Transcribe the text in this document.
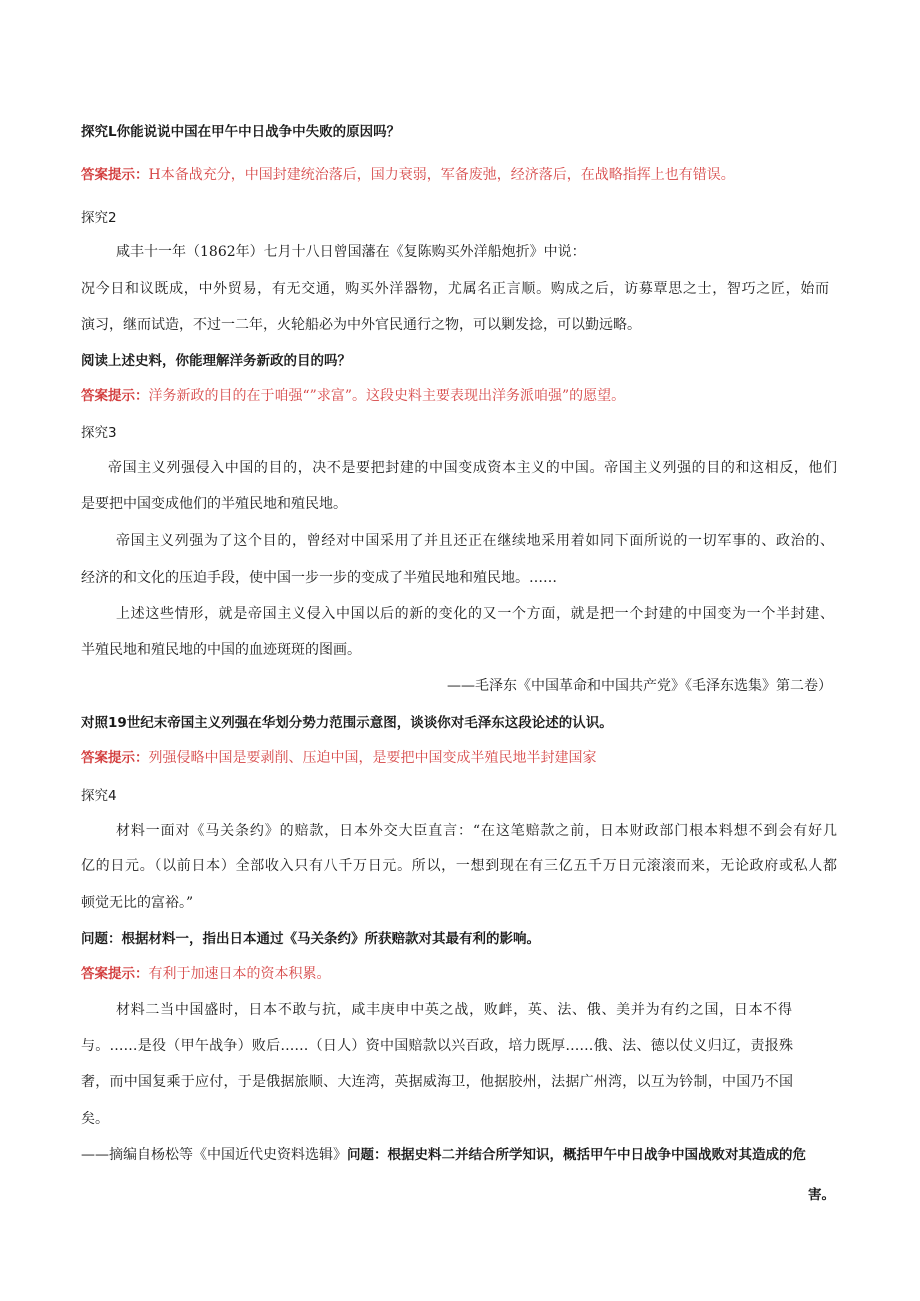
探究L你能说说中国在甲午中日战争中失败的原因吗？
答案提示：H本备战充分，中国封建统治落后，国力衰弱，军备废弛，经济落后，在战略指挥上也有错误。
探究2
咸丰十一年（1862年）七月十八日曾国藩在《复陈购买外洋船炮折》中说：
况今日和议既成，中外贸易，有无交通，购买外洋器物，尤属名正言顺。购成之后，访募覃思之士，智巧之匠，始而
演习，继而试造，不过一二年，火轮船必为中外官民通行之物，可以剿发捻，可以勤远略。
阅读上述史料，你能理解洋务新政的目的吗？
答案提示：洋务新政的目的在于咱强“”求富”。这段史料主要表现出洋务派咱强”的愿望。
探究3
帝国主义列强侵入中国的目的，决不是要把封建的中国变成资本主义的中国。帝国主义列强的目的和这相反，他们
是要把中国变成他们的半殖民地和殖民地。
帝国主义列强为了这个目的，曾经对中国采用了并且还正在继续地采用着如同下面所说的一切军事的、政治的、
经济的和文化的压迫手段，使中国一步一步的变成了半殖民地和殖民地。……
上述这些情形，就是帝国主义侵入中国以后的新的变化的又一个方面，就是把一个封建的中国变为一个半封建、
半殖民地和殖民地的中国的血迹斑斑的图画。
——毛泽东《中国革命和中国共产党》《毛泽东选集》第二卷）
对照19世纪末帝国主义列强在华划分势力范围示意图，谈谈你对毛泽东这段论述的认识。
答案提示：列强侵略中国是要剥削、压迫中国，是要把中国变成半殖民地半封建国家
探究4
材料一面对《马关条约》的赔款，日本外交大臣直言：“在这笔赔款之前，日本财政部门根本料想不到会有好几
亿的日元。（以前日本）全部收入只有八千万日元。所以，一想到现在有三亿五千万日元滚滚而来，无论政府或私人都
顿觉无比的富裕。”
问题：根据材料一，指出日本通过《马关条约》所获赔款对其最有利的影响。
答案提示：有利于加速日本的资本积累。
材料二当中国盛时，日本不敢与抗，咸丰庚申中英之战，败衅，英、法、俄、美并为有约之国，日本不得
与。……是役（甲午战争）败后……（日人）资中国赔款以兴百政，培力既厚……俄、法、德以仗义归辽，责报殊
奢，而中国复乘于应付，于是俄据旅顺、大连湾，英据威海卫，他据胶州，法据广州湾，以互为钤制，中国乃不国
矣。
——摘编自杨松等《中国近代史资料选辑》问题：根据史料二并结合所学知识，概括甲午中日战争中国战败对其造成的危
害。
